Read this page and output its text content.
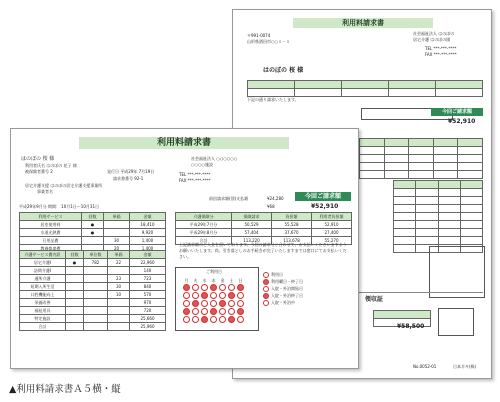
利用料請求書
〒991-0074
山形県酒田市○○１－１
社会福祉法人 はのぼの
居宅介護 はのぼの園
TEL ***-***-****
FAX ***-***-****
はのぼの 桜 様

下記の通り請求いたします。
今回ご請求額
¥52,910

領収証

¥58,500
No.0052-01	日本半キ(株)
利用料請求書
はのぼの 桜 様
利用者氏名 はのぼの 花子 様
被保険者番号 2	発行日 平成29年 7月19日
請求書番号 92-1
居宅介護支援 はのぼの居宅介護支援事業所
事業者名
社会福祉法人 ○○○○○○
○○○○施設
TEL ***-***-****
FAX ***-***-****
前回請求額(別)支払額	¥24,280	今回ご請求額
¥68	¥52,910
平成29年9月分 期間： 10月1日～10月31日
利用サービス	回数	単価	金額
居室使用料	●		18,410
水道光熱費	●		9,920
日用品費		30	1,400
教養娯楽費		20	1,400
介護サービス費内訳	回数	単位数	単価	金額
居宅介護I	●	782	22	22,960
訪問介護I				140
通所介護			23	723
短期入所生活			30	840
口腔機能向上			10	570
栄養改善				970
福祉用具				720
特定施設				25,660
合計				25,960
介護保険分	保険請求	負担額	利用者負担額
平成29年7月分	50,529	55,528	52,910
平成29年8月分	57,404	37,670	27,400
合計	113,220	113,678	55,270
上記請求額のご入金を頂いております。今回の請求分と合わせて、お支払いくださいますようお願いいたします。尚、引き落としのお手続きが完了いたしますまでは窓口にてお支払いください。
ご利用日
月	火	水	木	金	土	日

利用日
利用曜日・終了日
入院・外泊開始日
入院・外泊終了日
入院・外泊中
▲利用料請求書Ａ５横・縦
